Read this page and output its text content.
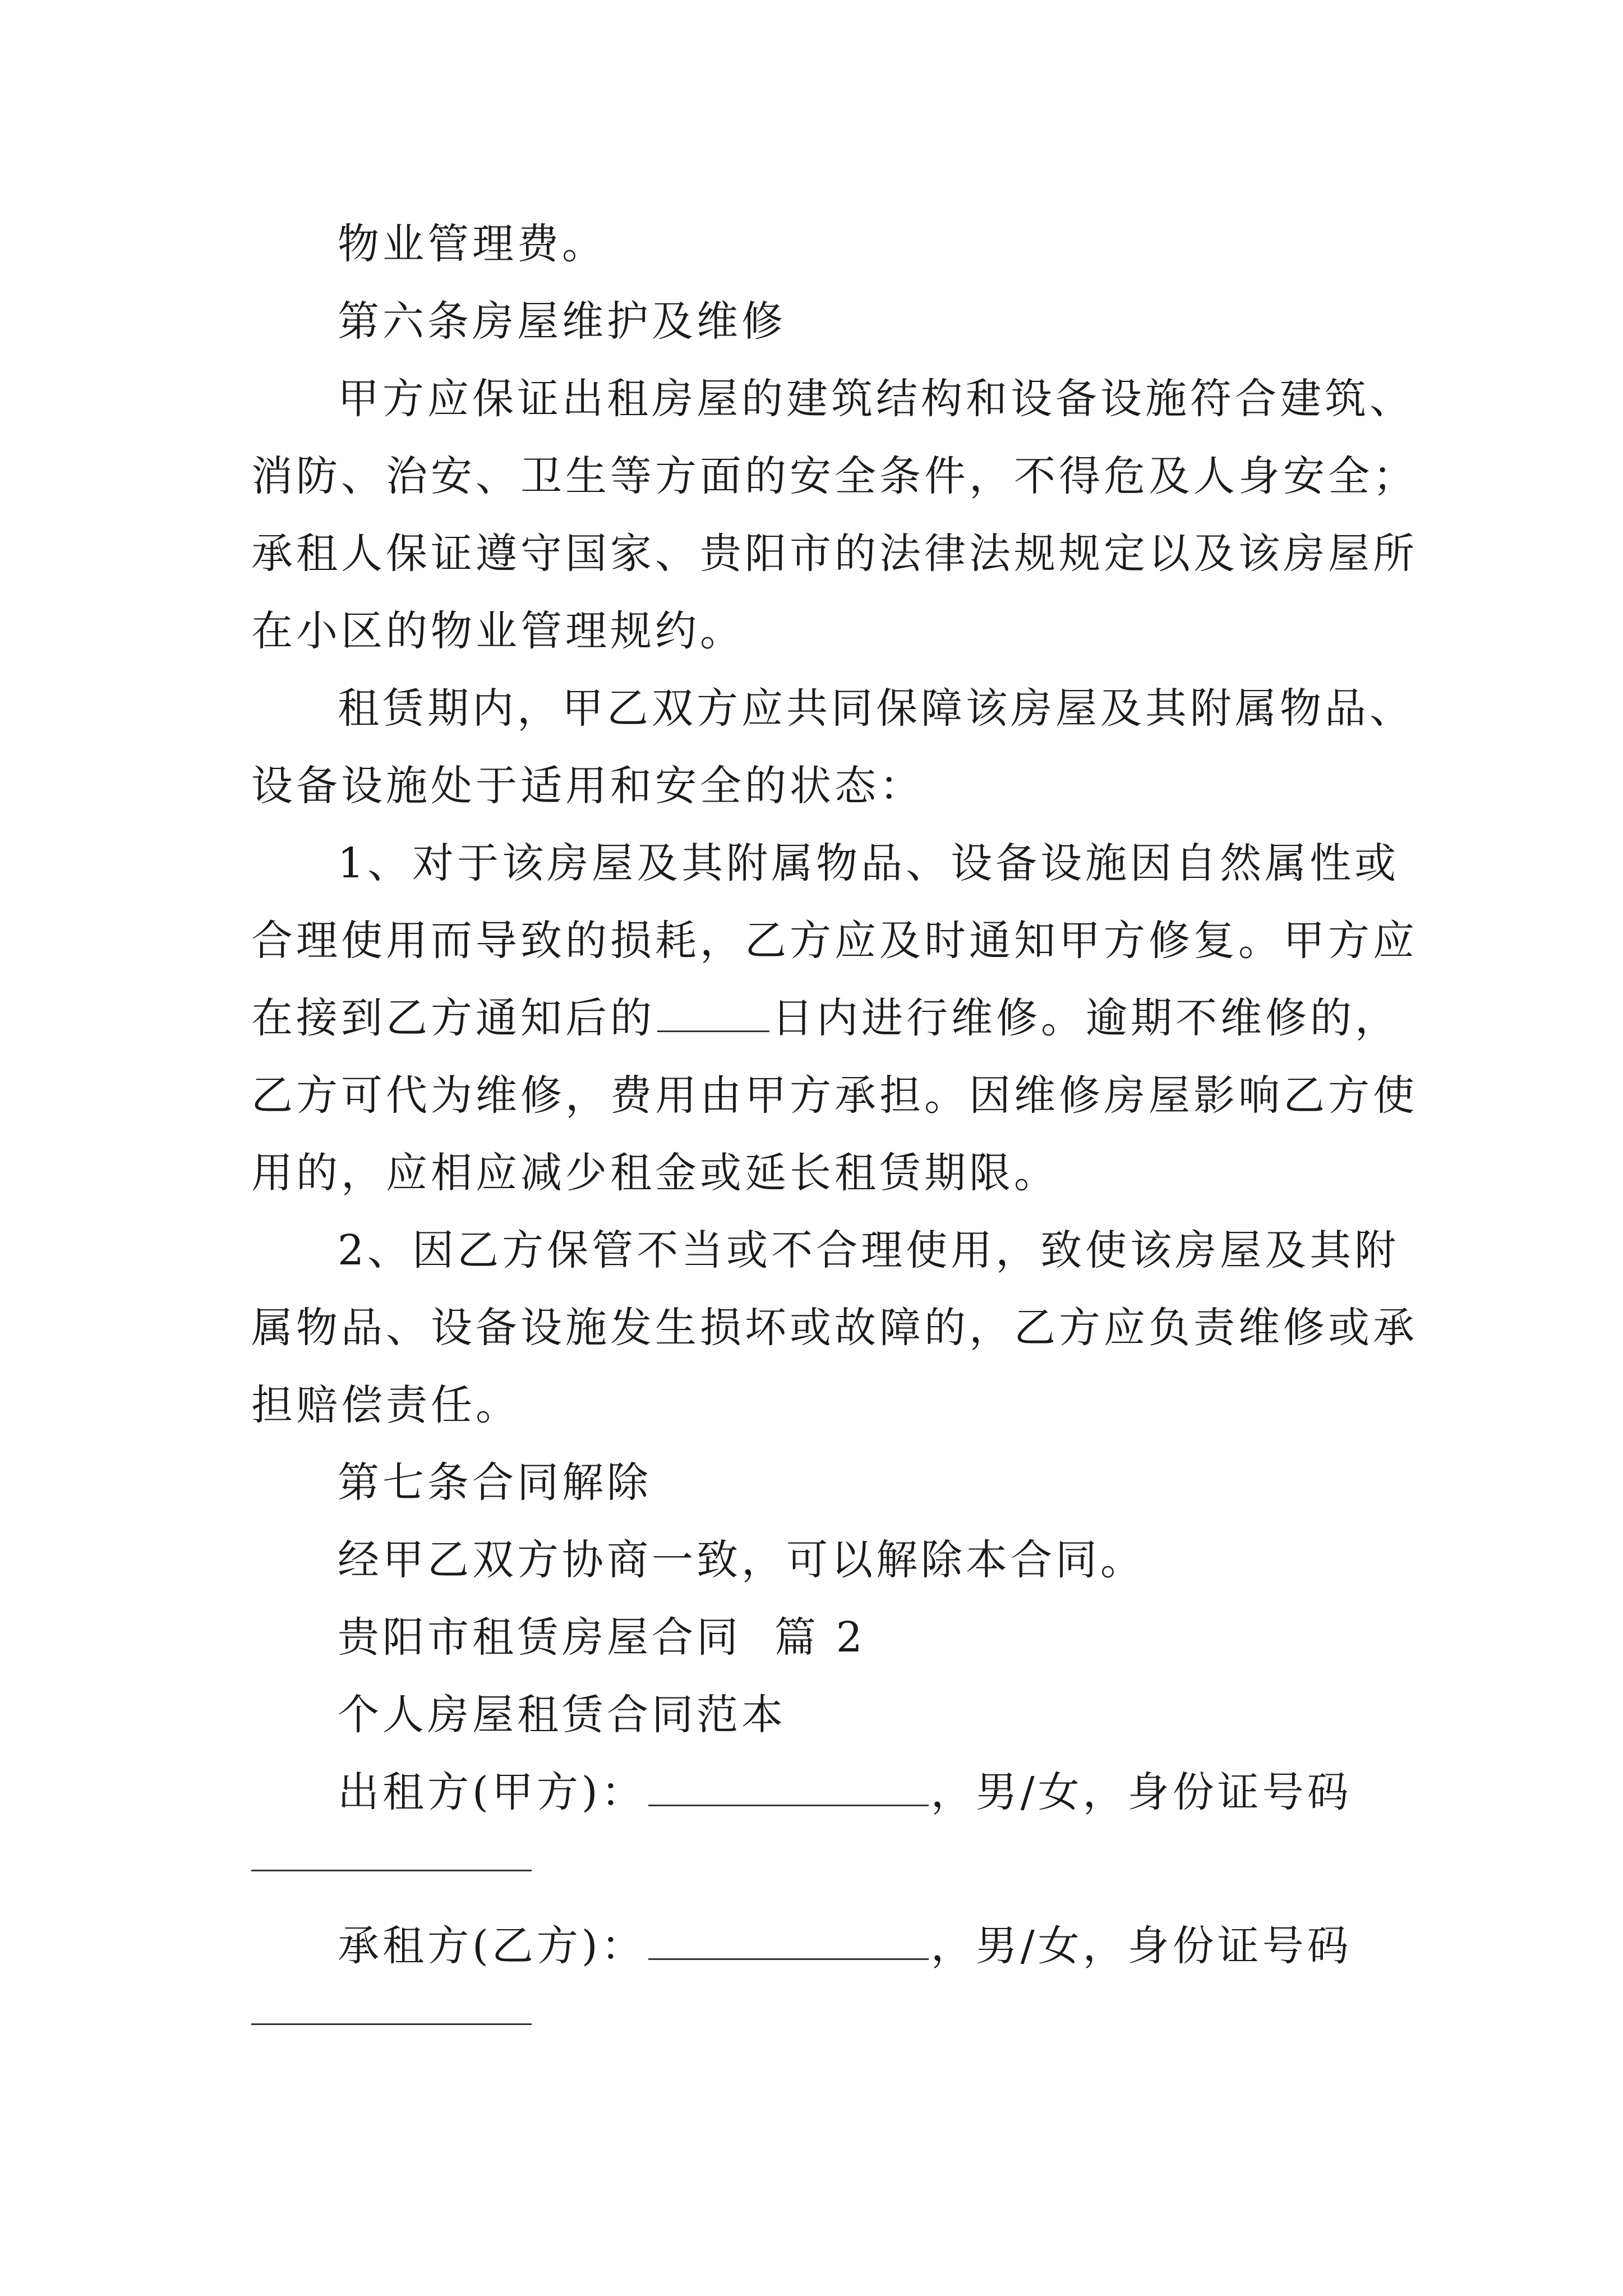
物业管理费。
第六条房屋维护及维修
甲方应保证出租房屋的建筑结构和设备设施符合建筑、
消防、治安、卫生等方面的安全条件，不得危及人身安全；
承租人保证遵守国家、贵阳市的法律法规规定以及该房屋所
在小区的物业管理规约。
租赁期内，甲乙双方应共同保障该房屋及其附属物品、
设备设施处于适用和安全的状态：
1、对于该房屋及其附属物品、设备设施因自然属性或
合理使用而导致的损耗，乙方应及时通知甲方修复。甲方应
在接到乙方通知后的	日内进行维修。逾期不维修的，
乙方可代为维修，费用由甲方承担。因维修房屋影响乙方使
用的，应相应减少租金或延长租赁期限。
2、因乙方保管不当或不合理使用，致使该房屋及其附
属物品、设备设施发生损坏或故障的，乙方应负责维修或承
担赔偿责任。
第七条合同解除
经甲乙双方协商一致，可以解除本合同。
贵阳市租赁房屋合同 篇 2
个人房屋租赁合同范本
出租方(甲方)：	，男/女，身份证号码
承租方(乙方)：	，男/女，身份证号码
